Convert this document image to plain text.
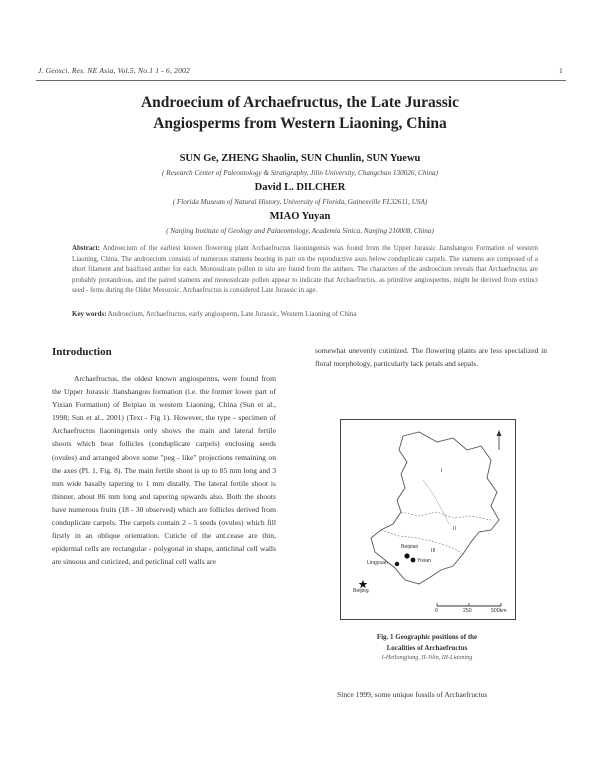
J. Geosci. Res. NE Asia, Vol.5, No.1 1 - 6, 2002	1
Androecium of Archaefructus, the Late Jurassic
Angiosperms from Western Liaoning, China
SUN Ge, ZHENG Shaolin, SUN Chunlin, SUN Yuewu
( Research Center of Paleontology & Stratigraphy, Jilin University, Changchun 130026, China)
David L. DILCHER
( Florida Museum of Natural History, University of Florida, Gainesville FL32611, USA)
MIAO Yuyan
( Nanjing Institute of Geology and Palaeontology, Academia Sinica, Nanjing 210008, China)
Abstract: Androecium of the earliest known flowering plant Archaefructus liaoningensis was found from the Upper Jurassic Jianshangou Formation of western Liaoning, China. The androecium consists of numerous stamens bearing in pair on the reproductive axes below conduplicate carpels. The stamens are composed of a short filament and basifixed anther for each. Monosulcate pollen in situ are found from the anthers. The characters of the androecium reveals that Archaefructus are probably protandrous, and the paired stamens and monosulcate pollen appear to indicate that Archaefructus, as primitive angiosperms, might be derived from extinct seed - ferns during the Older Mesozoic. Archaefructus is considered Late Jurassic in age.
Key words: Androecium, Archaefructus, early angiosperm, Late Jurassic, Western Liaoning of China
Introduction

Archaefructus, the oldest known angiosperms, were found from the Upper Jurassic Jianshangou formation (i.e. the former lower part of Yixian Formation) of Beipiao in western Liaoning, China (Sun et al., 1998; Sun et al., 2001) (Text - Fig 1). However, the type - specimen of Archaefructus liaoningensis only shows the main and lateral fertile shoots which bear follicles (conduplicate carpels) enclosing seeds (ovules) and arranged above some "peg - like" projections remaining on the axes (Pl. 1, Fig. 8). The main fertile shoot is up to 85 mm long and 3 mm wide basally tapering to 1 mm distally. The lateral fertile shoot is thinner, about 86 mm long and tapering upwards also. Both the shoots have numerous fruits (18 - 30 observed) which are follicles derived from conduplicate carpels. The carpels contain 2 - 5 seeds (ovules) which fill firstly in an oblique orientation. Cuticle of the ant.cease are thin, epidermal cells are rectangular - polygonal in shape, anticlinal cell walls are sinuous and cuticized, and periclinal cell walls are

somewhat unevenly cutinized. The flowering plants are less specialized in floral morphology, particularly lack petals and sepals.

Beipiao
Lingyuan	Yixian
Beijing
I
II
III
0	250	500km
Fig. 1 Geographic positions of the
Localities of Archaefructus
I-Heilongjiang, II-Jilin, III-Liaoning

Since 1999, some unique fossils of Archaefructus
